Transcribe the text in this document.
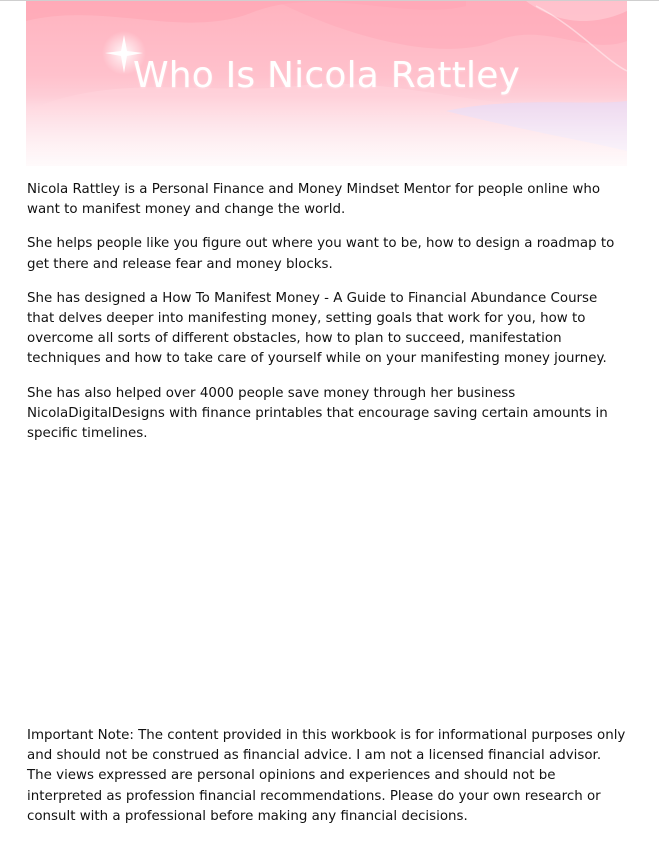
Who Is Nicola Rattley

Nicola Rattley is a Personal Finance and Money Mindset Mentor for people online who want to manifest money and change the world.

She helps people like you figure out where you want to be, how to design a roadmap to get there and release fear and money blocks.

She has designed a How To Manifest Money - A Guide to Financial Abundance Course that delves deeper into manifesting money, setting goals that work for you, how to overcome all sorts of different obstacles, how to plan to succeed, manifestation techniques and how to take care of yourself while on your manifesting money journey.

She has also helped over 4000 people save money through her business NicolaDigitalDesigns with finance printables that encourage saving certain amounts in specific timelines.

Important Note: The content provided in this workbook is for informational purposes only and should not be construed as financial advice. I am not a licensed financial advisor. The views expressed are personal opinions and experiences and should not be interpreted as profession financial recommendations. Please do your own research or consult with a professional before making any financial decisions.
